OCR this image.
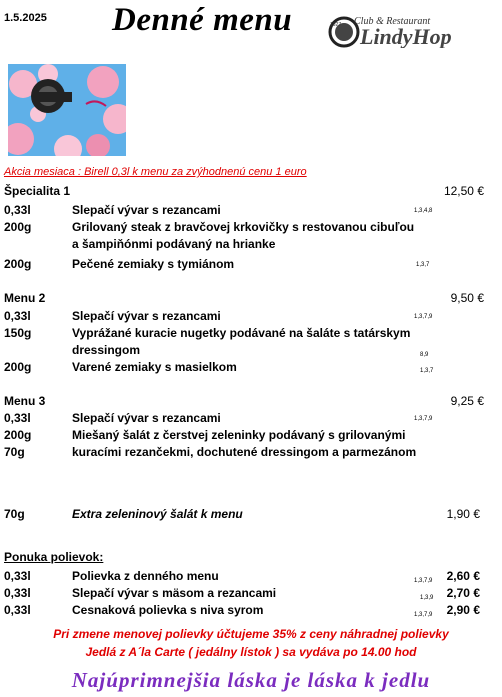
1.5.2025 Denné menu	Club & Restaurant
1927 LindyHop
Akcia mesiaca : Birell 0,3l k menu za zvýhodnenú cenu 1 euro
Špecialita 1	12,50 €
0,33l	Slepačí vývar s rezancami	1,3,4,8
200g	Grilovaný steak z bravčovej krkovičky s restovanou cibuľou
a šampiňónmi podávaný na hrianke
200g	Pečené zemiaky s tymiánom	1,3,7
Menu 2	9,50 €
0,33l	Slepačí vývar s rezancami	1,3,7,9
150g	Vyprážané kuracie nugetky podávané na šaláte s tatárskym
dressingom	8,9
200g	Varené zemiaky s masielkom	1,3,7
Menu 3	9,25 €
0,33l	Slepačí vývar s rezancami	1,3,7,9
200g	Miešaný šalát z čerstvej zeleninky podávaný s grilovanými
70g	kuracími rezančekmi, dochutené dressingom a parmezánom
70g	Extra zeleninový šalát k menu	1,90 €
Ponuka polievok:
0,33l	Polievka z denného menu	1,3,7,9 2,60 €
0,33l	Slepačí vývar s mäsom a rezancami	1,3,9 2,70 €
0,33l	Cesnaková polievka s niva syrom	1,3,7,9 2,90 €
Pri zmene menovej polievky účtujeme 35% z ceny náhradnej polievky
Jedlá z A´la Carte ( jedálny lístok ) sa vydáva po 14.00 hod
Najúprimnejšia láska je láska k jedlu
